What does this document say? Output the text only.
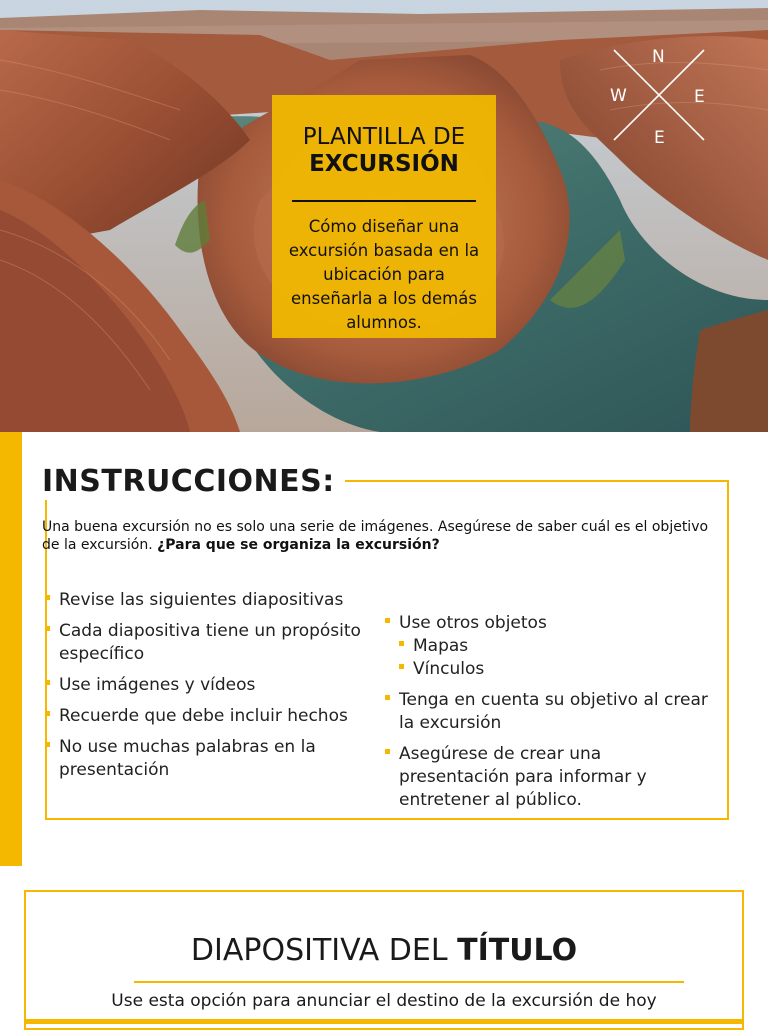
N
W	E
E
PLANTILLA DE
EXCURSIÓN
Cómo diseñar una excursión basada en la ubicación para enseñarla a los demás alumnos.
INSTRUCCIONES:
Una buena excursión no es solo una serie de imágenes. Asegúrese de saber cuál es el objetivo de la excursión. ¿Para que se organiza la excursión?
Revise las siguientes diapositivas
Cada diapositiva tiene un propósito específico
Use imágenes y vídeos
Recuerde que debe incluir hechos
No use muchas palabras en la presentación
Use otros objetos
Mapas
Vínculos
Tenga en cuenta su objetivo al crear la excursión
Asegúrese de crear una presentación para informar y entretener al público.
DIAPOSITIVA DEL TÍTULO
Use esta opción para anunciar el destino de la excursión de hoy
